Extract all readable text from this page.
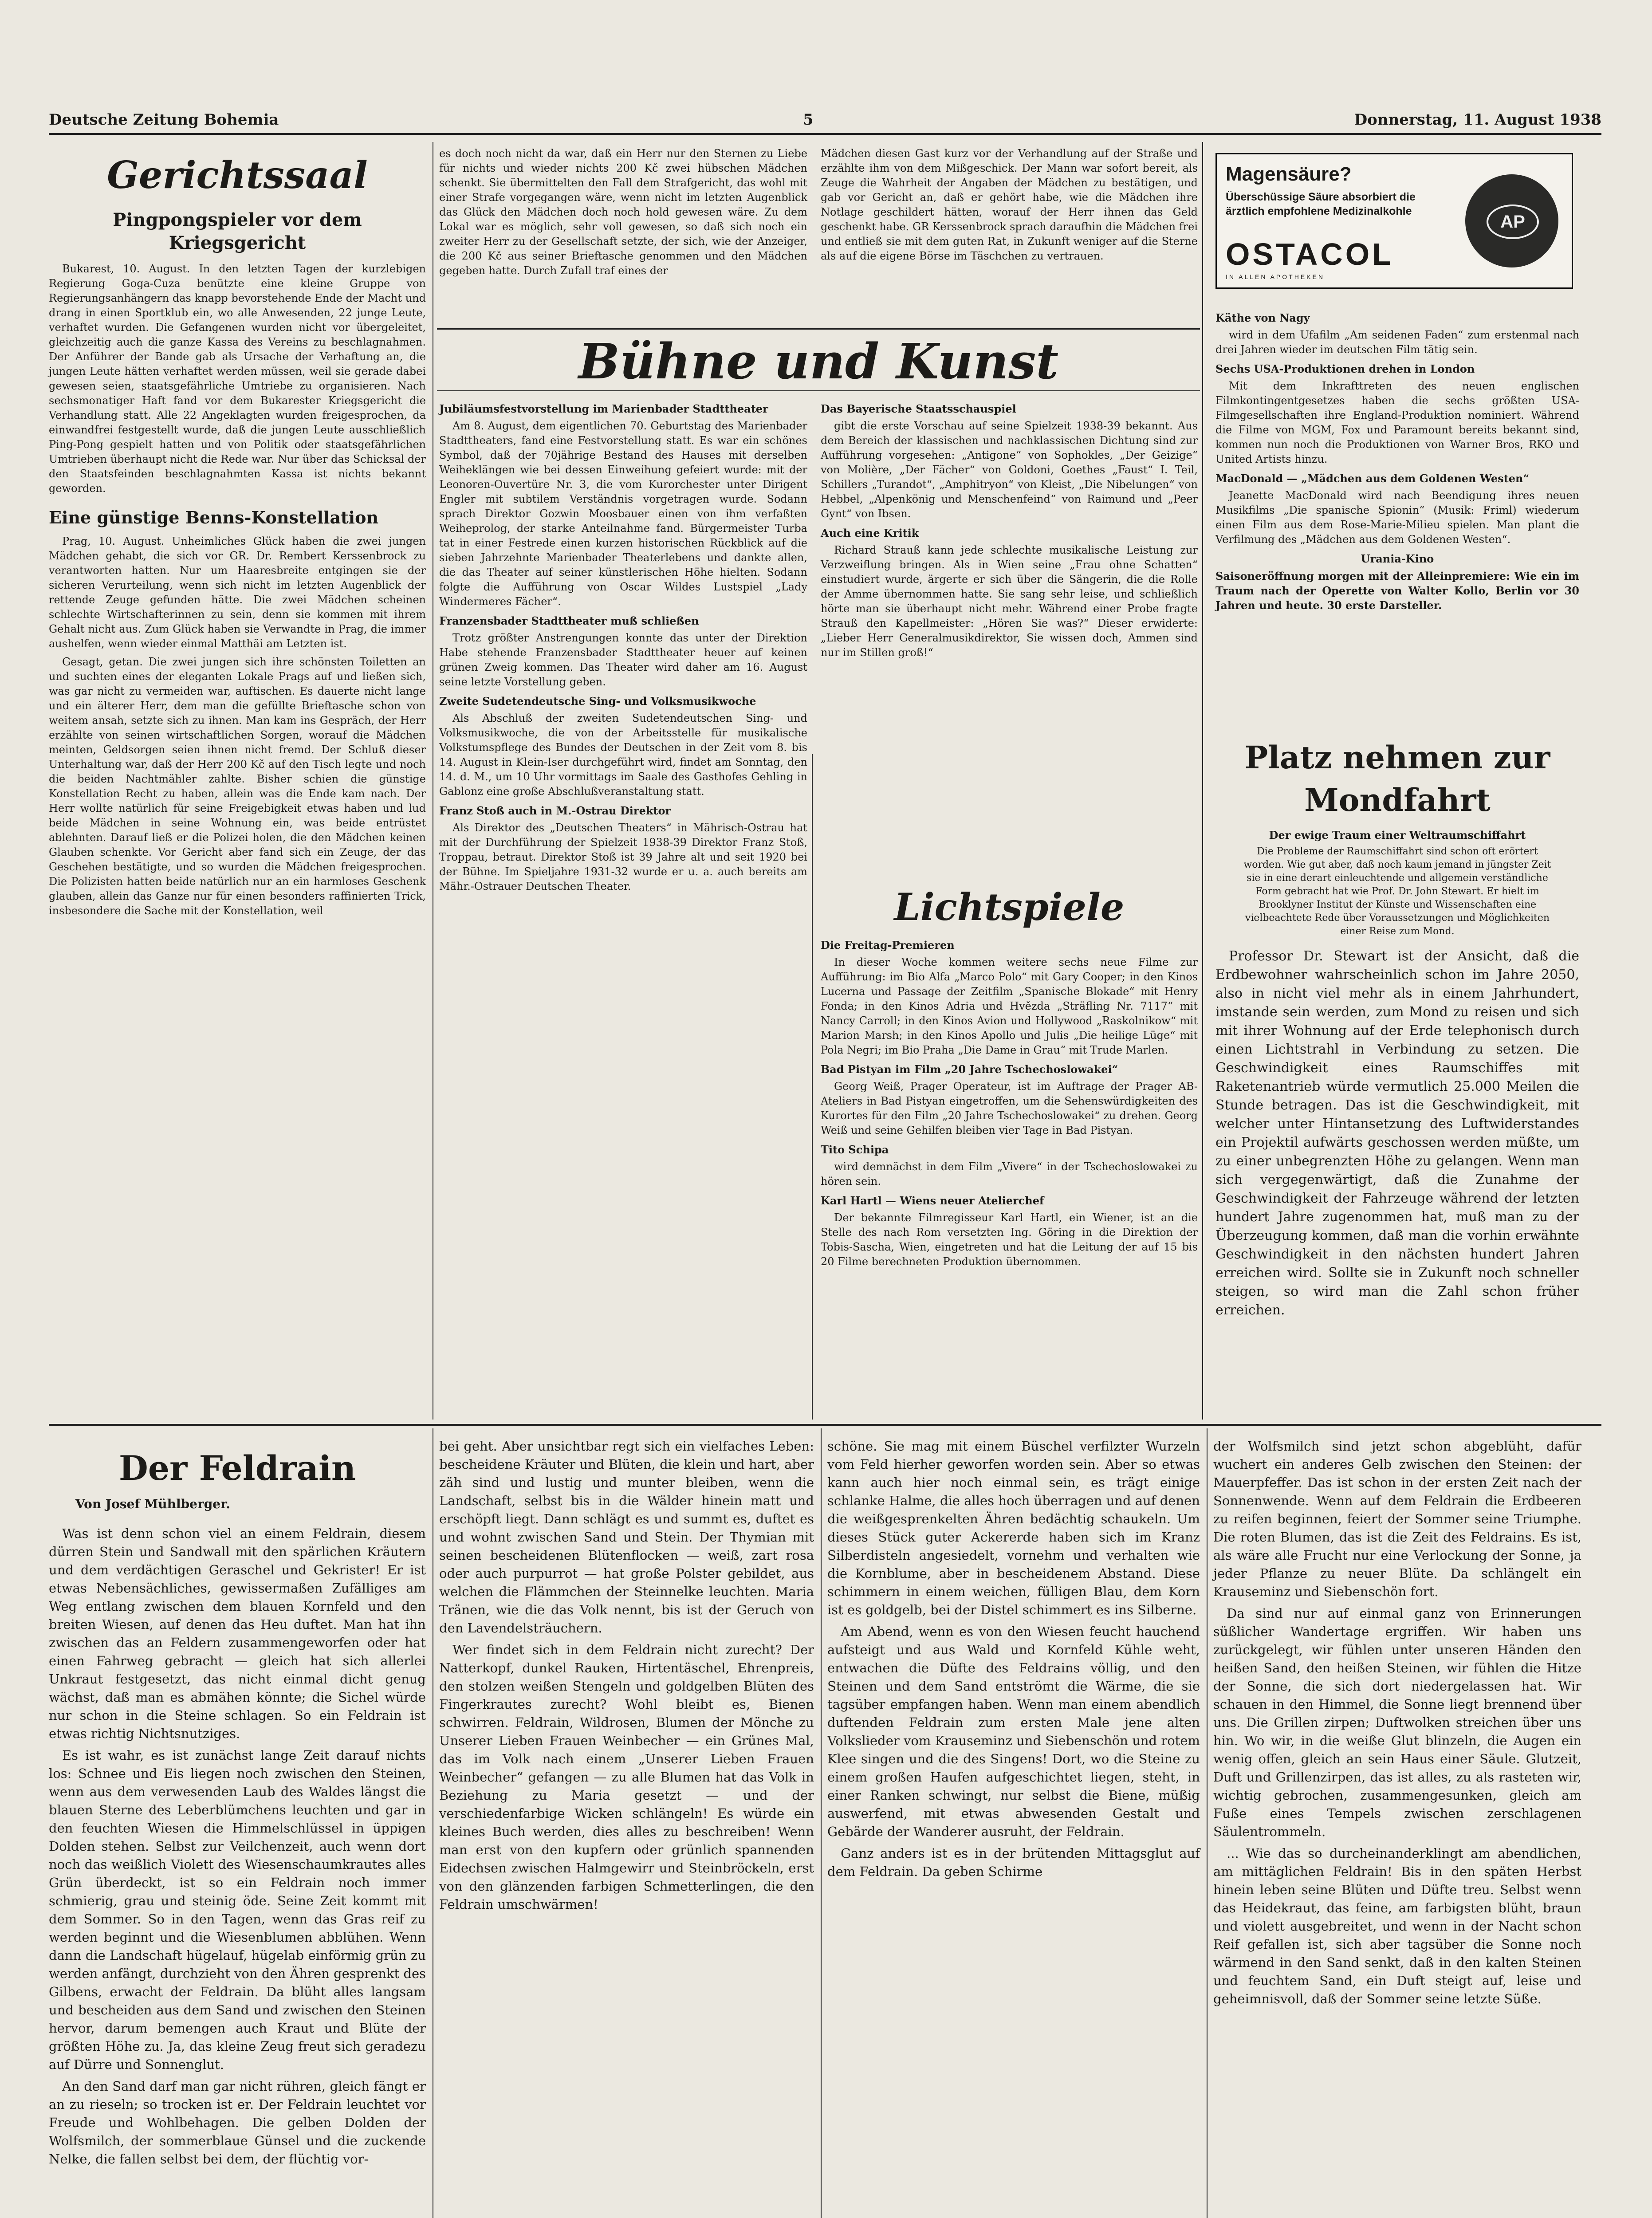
Deutsche Zeitung Bohemia	5	Donnerstag, 11. August 1938
Gerichtssaal
Pingpongspieler vor dem Kriegsgericht

Bukarest, 10. August. In den letzten Tagen der kurzlebigen Regierung Goga-Cuza benützte eine kleine Gruppe von Regierungsanhängern das knapp bevorstehende Ende der Macht und drang in einen Sportklub ein, wo alle Anwesenden, 22 junge Leute, verhaftet wurden. Die Gefangenen wurden nicht vor übergeleitet, gleichzeitig auch die ganze Kassa des Vereins zu beschlagnahmen. Der Anführer der Bande gab als Ursache der Verhaftung an, die jungen Leute hätten verhaftet werden müssen, weil sie gerade dabei gewesen seien, staatsgefährliche Umtriebe zu organisieren. Nach sechsmonatiger Haft fand vor dem Bukarester Kriegsgericht die Verhandlung statt. Alle 22 Angeklagten wurden freigesprochen, da einwandfrei festgestellt wurde, daß die jungen Leute ausschließlich Ping-Pong gespielt hatten und von Politik oder staatsgefährlichen Umtrieben überhaupt nicht die Rede war. Nur über das Schicksal der den Staatsfeinden beschlagnahmten Kassa ist nichts bekannt geworden.

Eine günstige Benns-Konstellation

Prag, 10. August. Unheimliches Glück haben die zwei jungen Mädchen gehabt, die sich vor GR. Dr. Rembert Kerssenbrock zu verantworten hatten. Nur um Haaresbreite entgingen sie der sicheren Verurteilung, wenn sich nicht im letzten Augenblick der rettende Zeuge gefunden hätte. Die zwei Mädchen scheinen schlechte Wirtschafterinnen zu sein, denn sie kommen mit ihrem Gehalt nicht aus. Zum Glück haben sie Verwandte in Prag, die immer aushelfen, wenn wieder einmal Matthäi am Letzten ist.

Gesagt, getan. Die zwei jungen sich ihre schönsten Toiletten an und suchten eines der eleganten Lokale Prags auf und ließen sich, was gar nicht zu vermeiden war, auftischen. Es dauerte nicht lange und ein älterer Herr, dem man die gefüllte Brieftasche schon von weitem ansah, setzte sich zu ihnen. Man kam ins Gespräch, der Herr erzählte von seinen wirtschaftlichen Sorgen, worauf die Mädchen meinten, Geldsorgen seien ihnen nicht fremd. Der Schluß dieser Unterhaltung war, daß der Herr 200 Kč auf den Tisch legte und noch die beiden Nachtmähler zahlte. Bisher schien die günstige Konstellation Recht zu haben, allein was die Ende kam nach. Der Herr wollte natürlich für seine Freigebigkeit etwas haben und lud beide Mädchen in seine Wohnung ein, was beide entrüstet ablehnten. Darauf ließ er die Polizei holen, die den Mädchen keinen Glauben schenkte. Vor Gericht aber fand sich ein Zeuge, der das Geschehen bestätigte, und so wurden die Mädchen freigesprochen. Die Polizisten hatten beide natürlich nur an ein harmloses Geschenk glauben, allein das Ganze nur für einen besonders raffinierten Trick, insbesondere die Sache mit der Konstellation, weil

es doch noch nicht da war, daß ein Herr nur den Sternen zu Liebe für nichts und wieder nichts 200 Kč zwei hübschen Mädchen schenkt. Sie übermittelten den Fall dem Strafgericht, das wohl mit einer Strafe vorgegangen wäre, wenn nicht im letzten Augenblick das Glück den Mädchen doch noch hold gewesen wäre. Zu dem Lokal war es möglich, sehr voll gewesen, so daß sich noch ein zweiter Herr zu der Gesellschaft setzte, der sich, wie der Anzeiger, die 200 Kč aus seiner Brieftasche genommen und den Mädchen gegeben hatte. Durch Zufall traf eines der

Mädchen diesen Gast kurz vor der Verhandlung auf der Straße und erzählte ihm von dem Mißgeschick. Der Mann war sofort bereit, als Zeuge die Wahrheit der Angaben der Mädchen zu bestätigen, und gab vor Gericht an, daß er gehört habe, wie die Mädchen ihre Notlage geschildert hätten, worauf der Herr ihnen das Geld geschenkt habe. GR Kerssenbrock sprach daraufhin die Mädchen frei und entließ sie mit dem guten Rat, in Zukunft weniger auf die Sterne als auf die eigene Börse im Täschchen zu vertrauen.

Magensäure?
Überschüssige Säure absorbiert die ärztlich empfohlene Medizinalkohle
OSTACOL
IN ALLEN APOTHEKEN
AP
Käthe von Nagy

wird in dem Ufafilm „Am seidenen Faden“ zum erstenmal nach drei Jahren wieder im deutschen Film tätig sein.

Sechs USA-Produktionen drehen in London

Mit dem Inkrafttreten des neuen englischen Filmkontingentgesetzes haben die sechs größten USA-Filmgesellschaften ihre England-Produktion nominiert. Während die Filme von MGM, Fox und Paramount bereits bekannt sind, kommen nun noch die Produktionen von Warner Bros, RKO und United Artists hinzu.

MacDonald — „Mädchen aus dem Goldenen Westen“

Jeanette MacDonald wird nach Beendigung ihres neuen Musikfilms „Die spanische Spionin“ (Musik: Friml) wiederum einen Film aus dem Rose-Marie-Milieu spielen. Man plant die Verfilmung des „Mädchen aus dem Goldenen Westen“.

Urania-Kino

Saisoneröffnung morgen mit der Alleinpremiere: Wie ein im Traum nach der Operette von Walter Kollo, Berlin vor 30 Jahren und heute. 30 erste Darsteller.

Platz nehmen zur Mondfahrt
Der ewige Traum einer Weltraumschiffahrt

Die Probleme der Raumschiffahrt sind schon oft erörtert worden. Wie gut aber, daß noch kaum jemand in jüngster Zeit sie in eine derart einleuchtende und allgemein verständliche Form gebracht hat wie Prof. Dr. John Stewart. Er hielt im Brooklyner Institut der Künste und Wissenschaften eine vielbeachtete Rede über Voraussetzungen und Möglichkeiten einer Reise zum Mond.

Professor Dr. Stewart ist der Ansicht, daß die Erdbewohner wahrscheinlich schon im Jahre 2050, also in nicht viel mehr als in einem Jahrhundert, imstande sein werden, zum Mond zu reisen und sich mit ihrer Wohnung auf der Erde telephonisch durch einen Lichtstrahl in Verbindung zu setzen. Die Geschwindigkeit eines Raumschiffes mit Raketenantrieb würde vermutlich 25.000 Meilen die Stunde betragen. Das ist die Geschwindigkeit, mit welcher unter Hintansetzung des Luftwiderstandes ein Projektil aufwärts geschossen werden müßte, um zu einer unbegrenzten Höhe zu gelangen. Wenn man sich vergegenwärtigt, daß die Zunahme der Geschwindigkeit der Fahrzeuge während der letzten hundert Jahre zugenommen hat, muß man zu der Überzeugung kommen, daß man die vorhin erwähnte Geschwindigkeit in den nächsten hundert Jahren erreichen wird. Sollte sie in Zukunft noch schneller steigen, so wird man die Zahl schon früher erreichen.

Bühne und Kunst
Jubiläumsfestvorstellung im Marienbader Stadttheater

Am 8. August, dem eigentlichen 70. Geburtstag des Marienbader Stadttheaters, fand eine Festvorstellung statt. Es war ein schönes Symbol, daß der 70jährige Bestand des Hauses mit derselben Weiheklängen wie bei dessen Einweihung gefeiert wurde: mit der Leonoren-Ouvertüre Nr. 3, die vom Kurorchester unter Dirigent Engler mit subtilem Verständnis vorgetragen wurde. Sodann sprach Direktor Gozwin Moosbauer einen von ihm verfaßten Weiheprolog, der starke Anteilnahme fand. Bürgermeister Turba tat in einer Festrede einen kurzen historischen Rückblick auf die sieben Jahrzehnte Marienbader Theaterlebens und dankte allen, die das Theater auf seiner künstlerischen Höhe hielten. Sodann folgte die Aufführung von Oscar Wildes Lustspiel „Lady Windermeres Fächer“.

Franzensbader Stadttheater muß schließen

Trotz größter Anstrengungen konnte das unter der Direktion Habe stehende Franzensbader Stadttheater heuer auf keinen grünen Zweig kommen. Das Theater wird daher am 16. August seine letzte Vorstellung geben.

Zweite Sudetendeutsche Sing- und Volksmusikwoche

Als Abschluß der zweiten Sudetendeutschen Sing- und Volksmusikwoche, die von der Arbeitsstelle für musikalische Volkstumspflege des Bundes der Deutschen in der Zeit vom 8. bis 14. August in Klein-Iser durchgeführt wird, findet am Sonntag, den 14. d. M., um 10 Uhr vormittags im Saale des Gasthofes Gehling in Gablonz eine große Abschlußveranstaltung statt.

Franz Stoß auch in M.-Ostrau Direktor

Als Direktor des „Deutschen Theaters“ in Mährisch-Ostrau hat mit der Durchführung der Spielzeit 1938-39 Direktor Franz Stoß, Troppau, betraut. Direktor Stoß ist 39 Jahre alt und seit 1920 bei der Bühne. Im Spieljahre 1931-32 wurde er u. a. auch bereits am Mähr.-Ostrauer Deutschen Theater.

Das Bayerische Staatsschauspiel

gibt die erste Vorschau auf seine Spielzeit 1938-39 bekannt. Aus dem Bereich der klassischen und nachklassischen Dichtung sind zur Aufführung vorgesehen: „Antigone“ von Sophokles, „Der Geizige“ von Molière, „Der Fächer“ von Goldoni, Goethes „Faust“ I. Teil, Schillers „Turandot“, „Amphitryon“ von Kleist, „Die Nibelungen“ von Hebbel, „Alpenkönig und Menschenfeind“ von Raimund und „Peer Gynt“ von Ibsen.

Auch eine Kritik

Richard Strauß kann jede schlechte musikalische Leistung zur Verzweiflung bringen. Als in Wien seine „Frau ohne Schatten“ einstudiert wurde, ärgerte er sich über die Sängerin, die die Rolle der Amme übernommen hatte. Sie sang sehr leise, und schließlich hörte man sie überhaupt nicht mehr. Während einer Probe fragte Strauß den Kapellmeister: „Hören Sie was?“ Dieser erwiderte: „Lieber Herr Generalmusikdirektor, Sie wissen doch, Ammen sind nur im Stillen groß!“

Lichtspiele
Die Freitag-Premieren

In dieser Woche kommen weitere sechs neue Filme zur Aufführung: im Bio Alfa „Marco Polo“ mit Gary Cooper; in den Kinos Lucerna und Passage der Zeitfilm „Spanische Blokade“ mit Henry Fonda; in den Kinos Adria und Hvězda „Sträfling Nr. 7117“ mit Nancy Carroll; in den Kinos Avion und Hollywood „Raskolnikow“ mit Marion Marsh; in den Kinos Apollo und Julis „Die heilige Lüge“ mit Pola Negri; im Bio Praha „Die Dame in Grau“ mit Trude Marlen.

Bad Pistyan im Film „20 Jahre Tschechoslowakei“

Georg Weiß, Prager Operateur, ist im Auftrage der Prager AB-Ateliers in Bad Pistyan eingetroffen, um die Sehenswürdigkeiten des Kurortes für den Film „20 Jahre Tschechoslowakei“ zu drehen. Georg Weiß und seine Gehilfen bleiben vier Tage in Bad Pistyan.

Tito Schipa

wird demnächst in dem Film „Vivere“ in der Tschechoslowakei zu hören sein.

Karl Hartl — Wiens neuer Atelierchef

Der bekannte Filmregisseur Karl Hartl, ein Wiener, ist an die Stelle des nach Rom versetzten Ing. Göring in die Direktion der Tobis-Sascha, Wien, eingetreten und hat die Leitung der auf 15 bis 20 Filme berechneten Produktion übernommen.

Der Feldrain
Von Josef Mühlberger.

Was ist denn schon viel an einem Feldrain, diesem dürren Stein und Sandwall mit den spärlichen Kräutern und dem verdächtigen Geraschel und Gekrister! Er ist etwas Nebensächliches, gewissermaßen Zufälliges am Weg entlang zwischen dem blauen Kornfeld und den breiten Wiesen, auf denen das Heu duftet. Man hat ihn zwischen das an Feldern zusammengeworfen oder hat einen Fahrweg gebracht — gleich hat sich allerlei Unkraut festgesetzt, das nicht einmal dicht genug wächst, daß man es abmähen könnte; die Sichel würde nur schon in die Steine schlagen. So ein Feldrain ist etwas richtig Nichtsnutziges.

Es ist wahr, es ist zunächst lange Zeit darauf nichts los: Schnee und Eis liegen noch zwischen den Steinen, wenn aus dem verwesenden Laub des Waldes längst die blauen Sterne des Leberblümchens leuchten und gar in den feuchten Wiesen die Himmelschlüssel in üppigen Dolden stehen. Selbst zur Veilchenzeit, auch wenn dort noch das weißlich Violett des Wiesenschaumkrautes alles Grün überdeckt, ist so ein Feldrain noch immer schmierig, grau und steinig öde. Seine Zeit kommt mit dem Sommer. So in den Tagen, wenn das Gras reif zu werden beginnt und die Wiesenblumen abblühen. Wenn dann die Landschaft hügelauf, hügelab einförmig grün zu werden anfängt, durchzieht von den Ähren gesprenkt des Gilbens, erwacht der Feldrain. Da blüht alles langsam und bescheiden aus dem Sand und zwischen den Steinen hervor, darum bemengen auch Kraut und Blüte der größten Höhe zu. Ja, das kleine Zeug freut sich geradezu auf Dürre und Sonnenglut.

An den Sand darf man gar nicht rühren, gleich fängt er an zu rieseln; so trocken ist er. Der Feldrain leuchtet vor Freude und Wohlbehagen. Die gelben Dolden der Wolfsmilch, der sommerblaue Günsel und die zuckende Nelke, die fallen selbst bei dem, der flüchtig vor-

bei geht. Aber unsichtbar regt sich ein vielfaches Leben: bescheidene Kräuter und Blüten, die klein und hart, aber zäh sind und lustig und munter bleiben, wenn die Landschaft, selbst bis in die Wälder hinein matt und erschöpft liegt. Dann schlägt es und summt es, duftet es und wohnt zwischen Sand und Stein. Der Thymian mit seinen bescheidenen Blütenflocken — weiß, zart rosa oder auch purpurrot — hat große Polster gebildet, aus welchen die Flämmchen der Steinnelke leuchten. Maria Tränen, wie die das Volk nennt, bis ist der Geruch von den Lavendelsträuchern.

Wer findet sich in dem Feldrain nicht zurecht? Der Natterkopf, dunkel Rauken, Hirtentäschel, Ehrenpreis, den stolzen weißen Stengeln und goldgelben Blüten des Fingerkrautes zurecht? Wohl bleibt es, Bienen schwirren. Feldrain, Wildrosen, Blumen der Mönche zu Unserer Lieben Frauen Weinbecher — ein Grünes Mal, das im Volk nach einem „Unserer Lieben Frauen Weinbecher“ gefangen — zu alle Blumen hat das Volk in Beziehung zu Maria gesetzt — und der verschiedenfarbige Wicken schlängeln! Es würde ein kleines Buch werden, dies alles zu beschreiben! Wenn man erst von den kupfern oder grünlich spannenden Eidechsen zwischen Halmgewirr und Steinbröckeln, erst von den glänzenden farbigen Schmetterlingen, die den Feldrain umschwärmen!

schöne. Sie mag mit einem Büschel verfilzter Wurzeln vom Feld hierher geworfen worden sein. Aber so etwas kann auch hier noch einmal sein, es trägt einige schlanke Halme, die alles hoch überragen und auf denen die weißgesprenkelten Ähren bedächtig schaukeln. Um dieses Stück guter Ackererde haben sich im Kranz Silberdisteln angesiedelt, vornehm und verhalten wie die Kornblume, aber in bescheidenem Abstand. Diese schimmern in einem weichen, fülligen Blau, dem Korn ist es goldgelb, bei der Distel schimmert es ins Silberne.

Am Abend, wenn es von den Wiesen feucht hauchend aufsteigt und aus Wald und Kornfeld Kühle weht, entwachen die Düfte des Feldrains völlig, und den Steinen und dem Sand entströmt die Wärme, die sie tagsüber empfangen haben. Wenn man einem abendlich duftenden Feldrain zum ersten Male jene alten Volkslieder vom Krauseminz und Siebenschön und rotem Klee singen und die des Singens! Dort, wo die Steine zu einem großen Haufen aufgeschichtet liegen, steht, in einer Ranken schwingt, nur selbst die Biene, müßig auswerfend, mit etwas abwesenden Gestalt und Gebärde der Wanderer ausruht, der Feldrain.

Ganz anders ist es in der brütenden Mittagsglut auf dem Feldrain. Da geben Schirme

der Wolfsmilch sind jetzt schon abgeblüht, dafür wuchert ein anderes Gelb zwischen den Steinen: der Mauerpfeffer. Das ist schon in der ersten Zeit nach der Sonnenwende. Wenn auf dem Feldrain die Erdbeeren zu reifen beginnen, feiert der Sommer seine Triumphe. Die roten Blumen, das ist die Zeit des Feldrains. Es ist, als wäre alle Frucht nur eine Verlockung der Sonne, ja jeder Pflanze zu neuer Blüte. Da schlängelt ein Krauseminz und Siebenschön fort.

Da sind nur auf einmal ganz von Erinnerungen süßlicher Wandertage ergriffen. Wir haben uns zurückgelegt, wir fühlen unter unseren Händen den heißen Sand, den heißen Steinen, wir fühlen die Hitze der Sonne, die sich dort niedergelassen hat. Wir schauen in den Himmel, die Sonne liegt brennend über uns. Die Grillen zirpen; Duftwolken streichen über uns hin. Wo wir, in die weiße Glut blinzeln, die Augen ein wenig offen, gleich an sein Haus einer Säule. Glutzeit, Duft und Grillenzirpen, das ist alles, zu als rasteten wir, wichtig gebrochen, zusammengesunken, gleich am Fuße eines Tempels zwischen zerschlagenen Säulentrommeln.

... Wie das so durcheinanderklingt am abendlichen, am mittäglichen Feldrain! Bis in den späten Herbst hinein leben seine Blüten und Düfte treu. Selbst wenn das Heidekraut, das feine, am farbigsten blüht, braun und violett ausgebreitet, und wenn in der Nacht schon Reif gefallen ist, sich aber tagsüber die Sonne noch wärmend in den Sand senkt, daß in den kalten Steinen und feuchtem Sand, ein Duft steigt auf, leise und geheimnisvoll, daß der Sommer seine letzte Süße.
